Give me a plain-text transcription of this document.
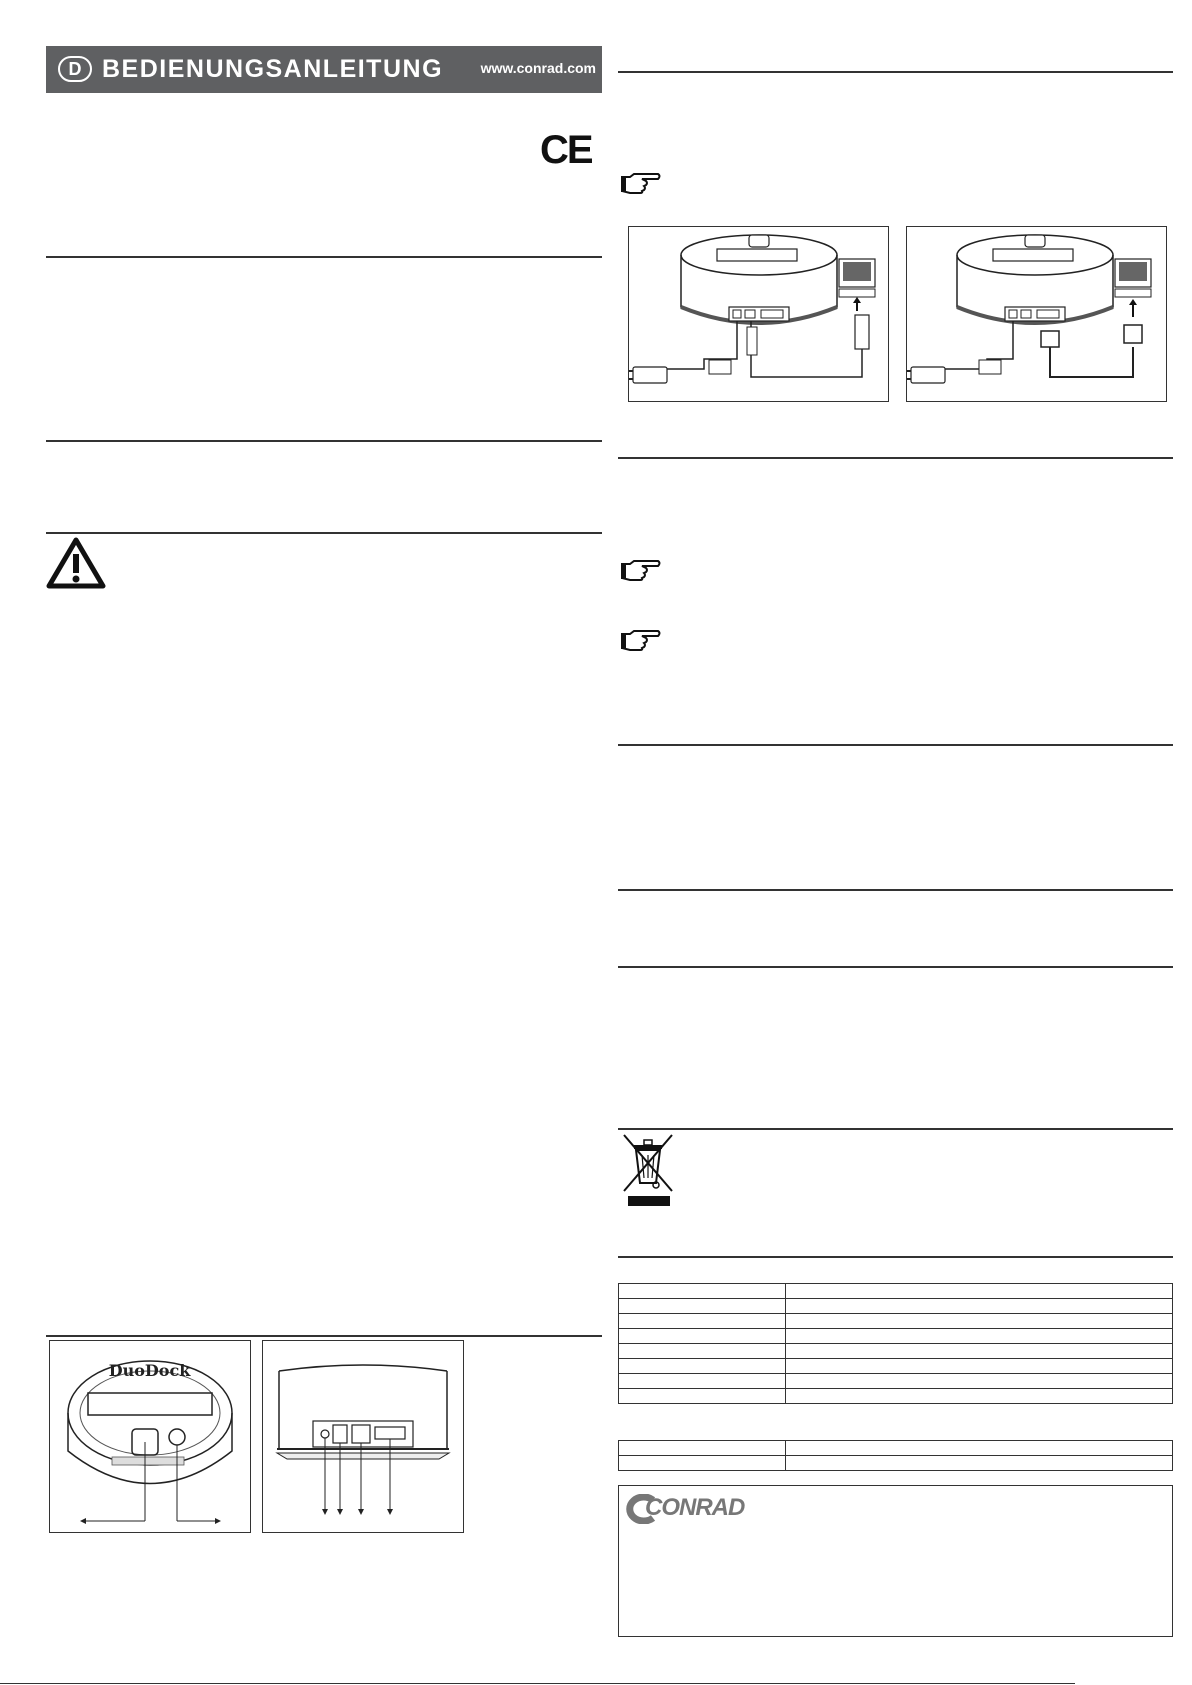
D BEDIENUNGSANLEITUNG	www.conrad.com
CE
DuoDock

CONRAD
